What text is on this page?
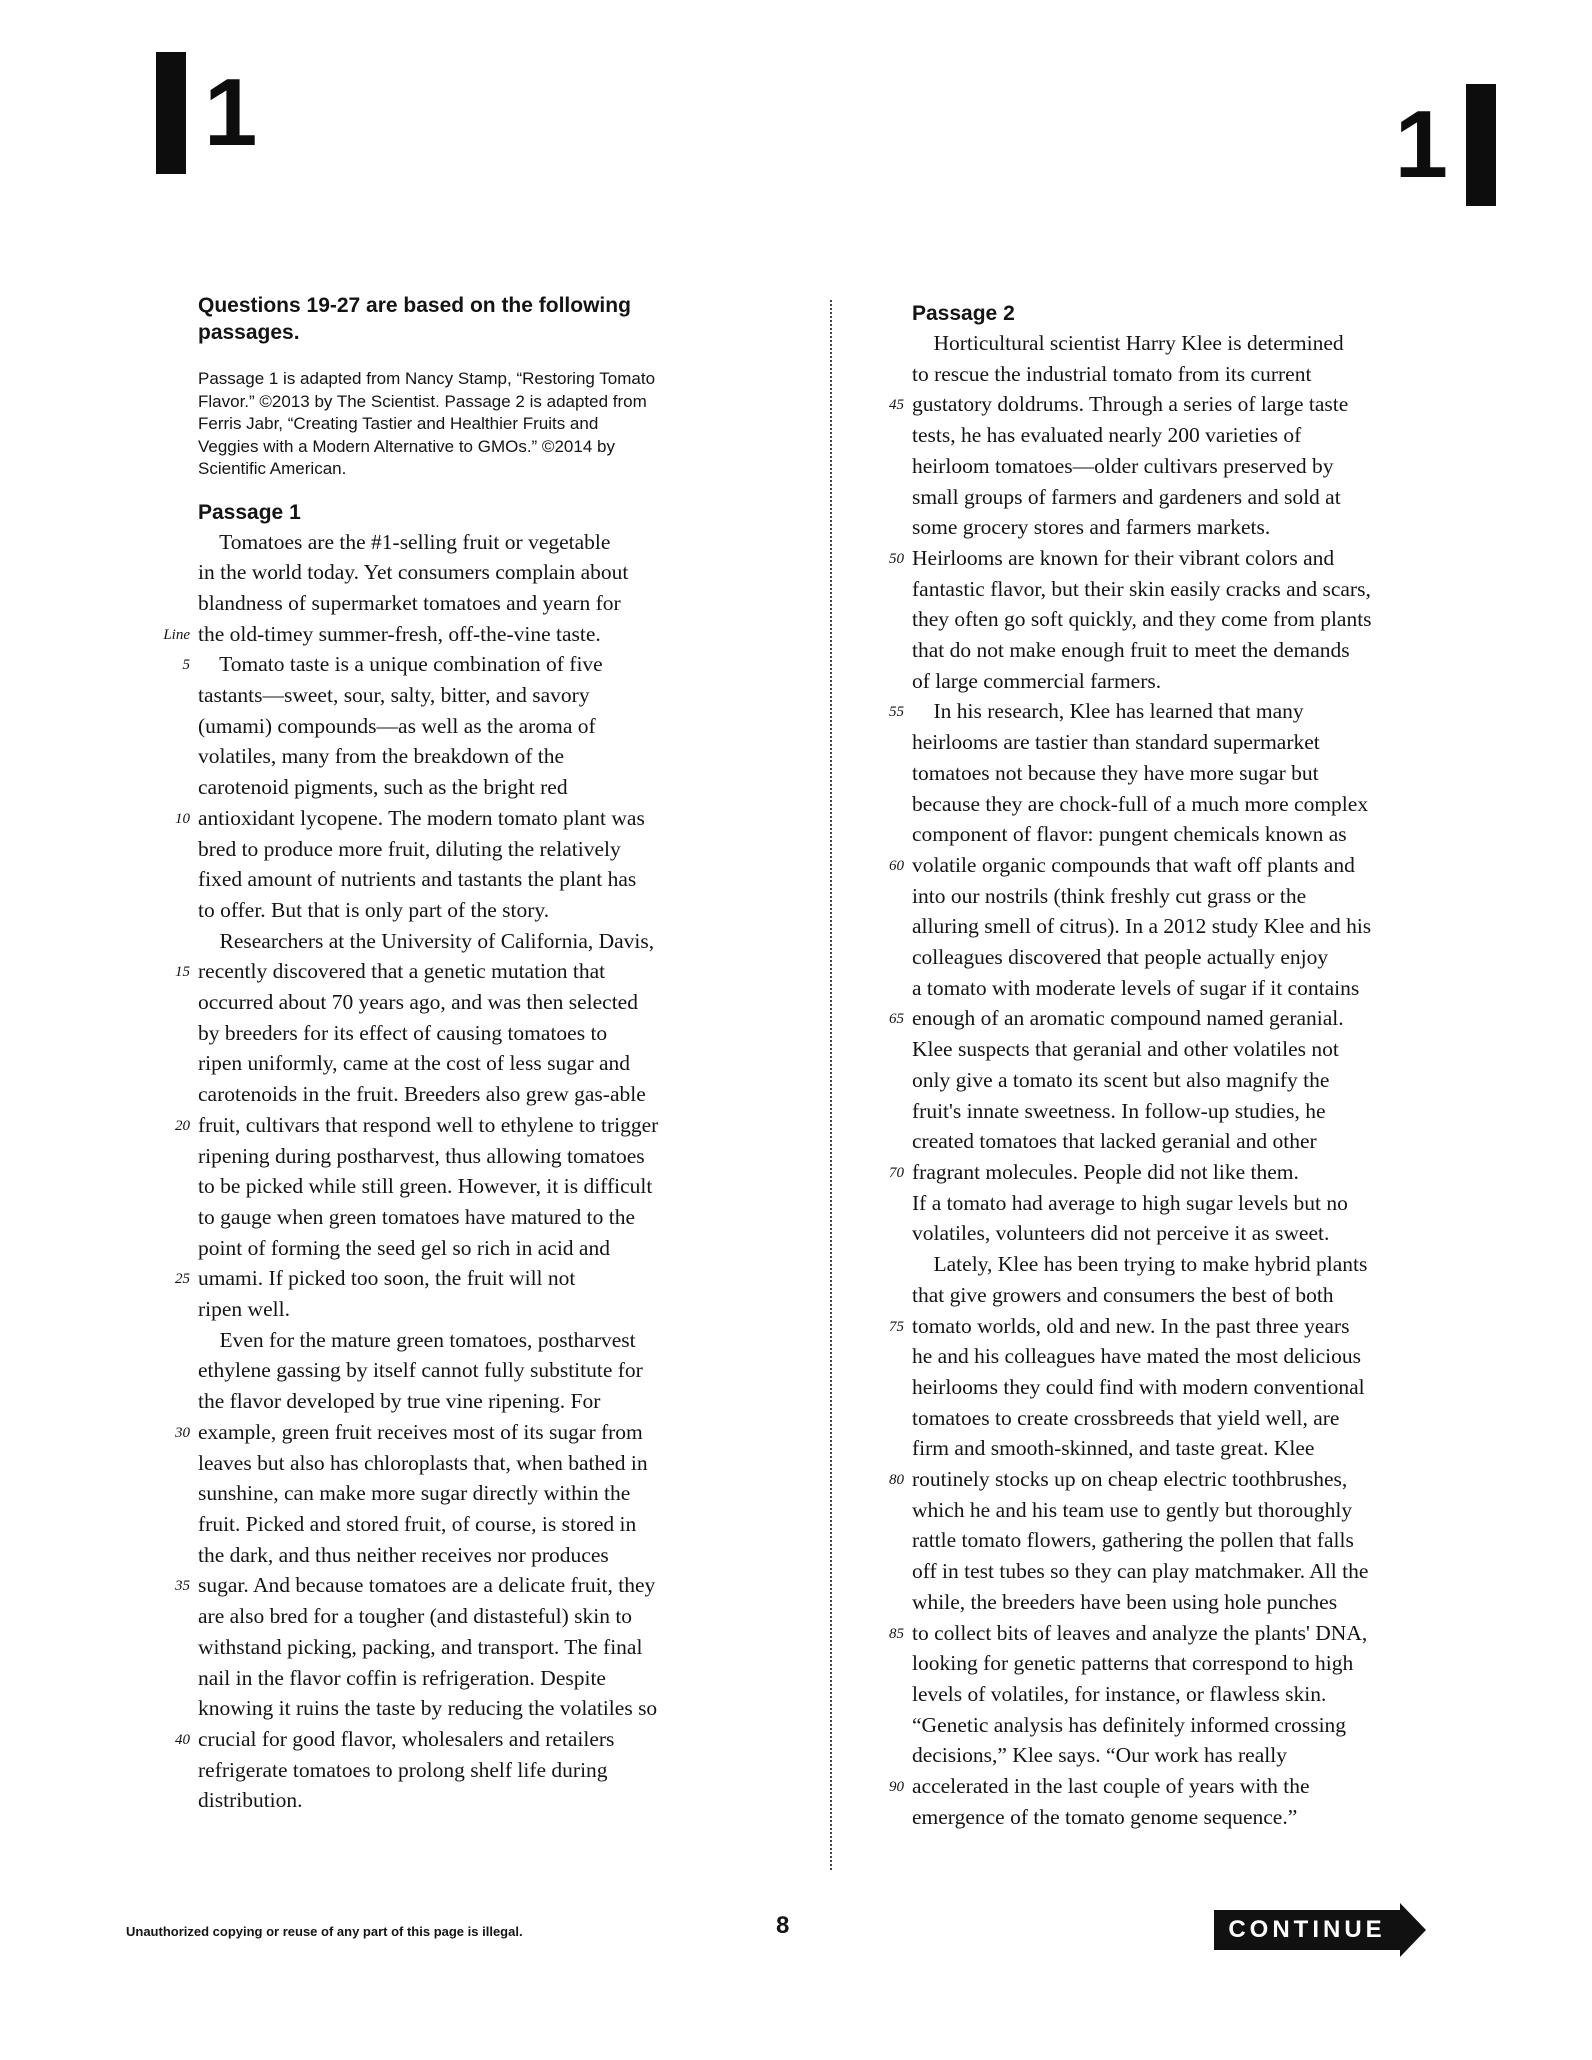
1	1
Questions 19-27 are based on the following
passages.
Passage 1 is adapted from Nancy Stamp, “Restoring Tomato
Flavor.” ©2013 by The Scientist. Passage 2 is adapted from
Ferris Jabr, “Creating Tastier and Healthier Fruits and
Veggies with a Modern Alternative to GMOs.” ©2014 by
Scientific American.
Passage 1
Tomatoes are the #1-selling fruit or vegetable
in the world today. Yet consumers complain about
blandness of supermarket tomatoes and yearn for
Line the old-timey summer-fresh, off-the-vine taste.
5 Tomato taste is a unique combination of five
tastants—sweet, sour, salty, bitter, and savory
(umami) compounds—as well as the aroma of
volatiles, many from the breakdown of the
carotenoid pigments, such as the bright red
10 antioxidant lycopene. The modern tomato plant was
bred to produce more fruit, diluting the relatively
fixed amount of nutrients and tastants the plant has
to offer. But that is only part of the story.
Researchers at the University of California, Davis,
15 recently discovered that a genetic mutation that
occurred about 70 years ago, and was then selected
by breeders for its effect of causing tomatoes to
ripen uniformly, came at the cost of less sugar and
carotenoids in the fruit. Breeders also grew gas-able
20 fruit, cultivars that respond well to ethylene to trigger
ripening during postharvest, thus allowing tomatoes
to be picked while still green. However, it is difficult
to gauge when green tomatoes have matured to the
point of forming the seed gel so rich in acid and
25 umami. If picked too soon, the fruit will not
ripen well.
Even for the mature green tomatoes, postharvest
ethylene gassing by itself cannot fully substitute for
the flavor developed by true vine ripening. For
30 example, green fruit receives most of its sugar from
leaves but also has chloroplasts that, when bathed in
sunshine, can make more sugar directly within the
fruit. Picked and stored fruit, of course, is stored in
the dark, and thus neither receives nor produces
35 sugar. And because tomatoes are a delicate fruit, they
are also bred for a tougher (and distasteful) skin to
withstand picking, packing, and transport. The final
nail in the flavor coffin is refrigeration. Despite
knowing it ruins the taste by reducing the volatiles so
40 crucial for good flavor, wholesalers and retailers
refrigerate tomatoes to prolong shelf life during
distribution.
Passage 2
Horticultural scientist Harry Klee is determined
to rescue the industrial tomato from its current
45 gustatory doldrums. Through a series of large taste
tests, he has evaluated nearly 200 varieties of
heirloom tomatoes—older cultivars preserved by
small groups of farmers and gardeners and sold at
some grocery stores and farmers markets.
50 Heirlooms are known for their vibrant colors and
fantastic flavor, but their skin easily cracks and scars,
they often go soft quickly, and they come from plants
that do not make enough fruit to meet the demands
of large commercial farmers.
55 In his research, Klee has learned that many
heirlooms are tastier than standard supermarket
tomatoes not because they have more sugar but
because they are chock-full of a much more complex
component of flavor: pungent chemicals known as
60 volatile organic compounds that waft off plants and
into our nostrils (think freshly cut grass or the
alluring smell of citrus). In a 2012 study Klee and his
colleagues discovered that people actually enjoy
a tomato with moderate levels of sugar if it contains
65 enough of an aromatic compound named geranial.
Klee suspects that geranial and other volatiles not
only give a tomato its scent but also magnify the
fruit's innate sweetness. In follow-up studies, he
created tomatoes that lacked geranial and other
70 fragrant molecules. People did not like them.
If a tomato had average to high sugar levels but no
volatiles, volunteers did not perceive it as sweet.
Lately, Klee has been trying to make hybrid plants
that give growers and consumers the best of both
75 tomato worlds, old and new. In the past three years
he and his colleagues have mated the most delicious
heirlooms they could find with modern conventional
tomatoes to create crossbreeds that yield well, are
firm and smooth-skinned, and taste great. Klee
80 routinely stocks up on cheap electric toothbrushes,
which he and his team use to gently but thoroughly
rattle tomato flowers, gathering the pollen that falls
off in test tubes so they can play matchmaker. All the
while, the breeders have been using hole punches
85 to collect bits of leaves and analyze the plants' DNA,
looking for genetic patterns that correspond to high
levels of volatiles, for instance, or flawless skin.
“Genetic analysis has definitely informed crossing
decisions,” Klee says. “Our work has really
90 accelerated in the last couple of years with the
emergence of the tomato genome sequence.”
Unauthorized copying or reuse of any part of this page is illegal.	8	CONTINUE
